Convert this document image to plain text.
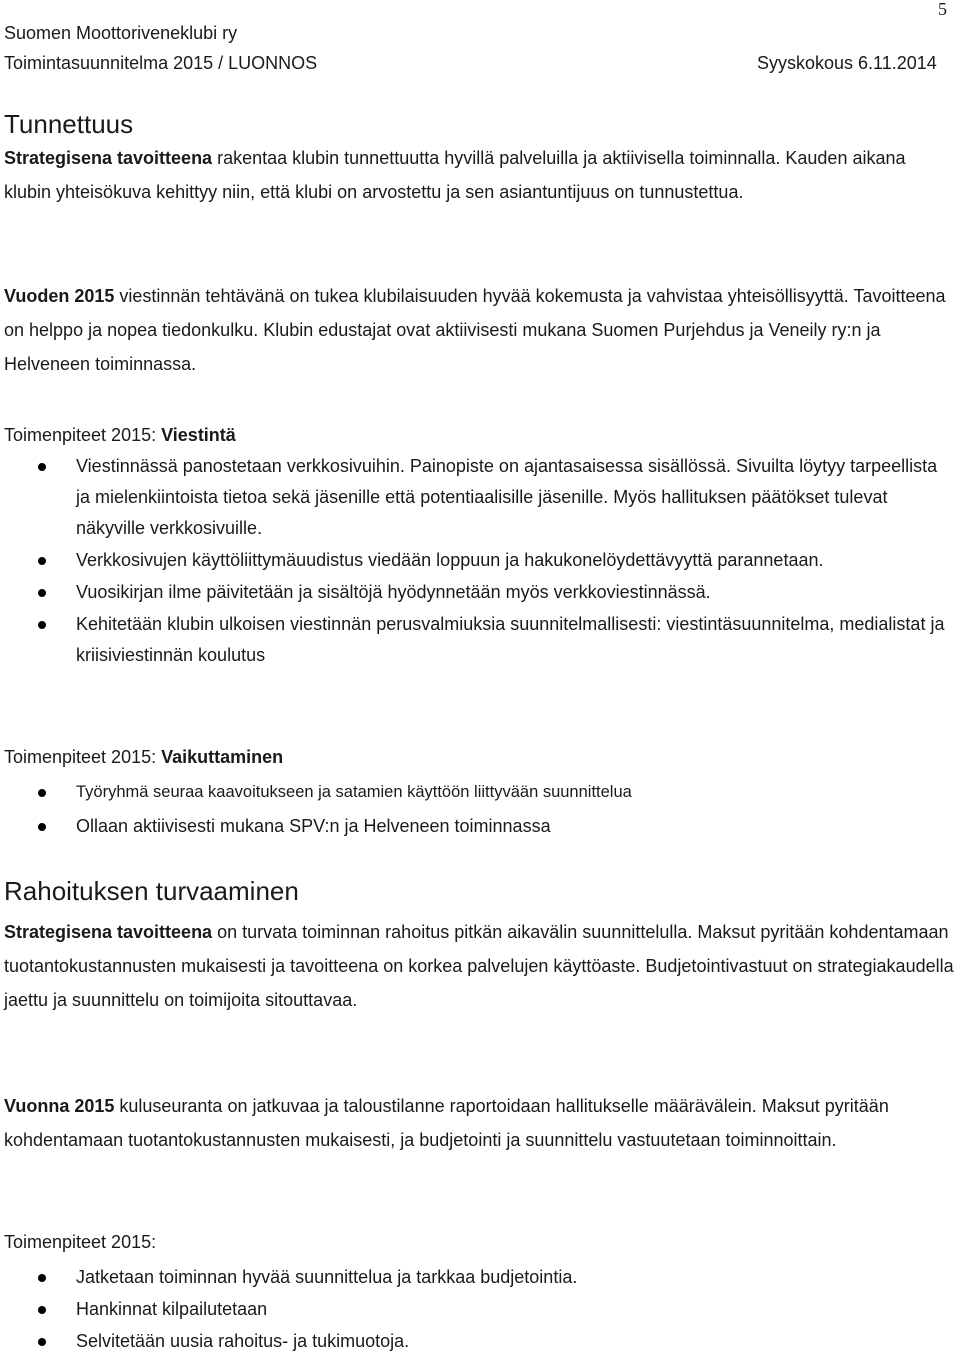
5
Suomen Moottoriveneklubi ry
Toimintasuunnitelma 2015 / LUONNOS	Syyskokous 6.11.2014
Tunnettuus

Strategisena tavoitteena rakentaa klubin tunnettuutta hyvillä palveluilla ja aktiivisella toiminnalla. Kauden aikana klubin yhteisökuva kehittyy niin, että klubi on arvostettu ja sen asiantuntijuus on tunnustettua.

Vuoden 2015 viestinnän tehtävänä on tukea klubilaisuuden hyvää kokemusta ja vahvistaa yhteisöllisyyttä. Tavoitteena on helppo ja nopea tiedonkulku. Klubin edustajat ovat aktiivisesti mukana Suomen Purjehdus ja Veneily ry:n ja Helveneen toiminnassa.

Toimenpiteet 2015: Viestintä
Viestinnässä panostetaan verkkosivuihin. Painopiste on ajantasaisessa sisällössä. Sivuilta löytyy tarpeellista ja mielenkiintoista tietoa sekä jäsenille että potentiaalisille jäsenille. Myös hallituksen päätökset tulevat näkyville verkkosivuille.
Verkkosivujen käyttöliittymäuudistus viedään loppuun ja hakukonelöydettävyyttä parannetaan.
Vuosikirjan ilme päivitetään ja sisältöjä hyödynnetään myös verkkoviestinnässä.
Kehitetään klubin ulkoisen viestinnän perusvalmiuksia suunnitelmallisesti: viestintäsuunnitelma, medialistat ja kriisiviestinnän koulutus
Toimenpiteet 2015: Vaikuttaminen
Työryhmä seuraa kaavoitukseen ja satamien käyttöön liittyvään suunnittelua
Ollaan aktiivisesti mukana SPV:n ja Helveneen toiminnassa
Rahoituksen turvaaminen

Strategisena tavoitteena on turvata toiminnan rahoitus pitkän aikavälin suunnittelulla. Maksut pyritään kohdentamaan tuotantokustannusten mukaisesti ja tavoitteena on korkea palvelujen käyttöaste. Budjetointivastuut on strategiakaudella jaettu ja suunnittelu on toimijoita sitouttavaa.

Vuonna 2015 kuluseuranta on jatkuvaa ja taloustilanne raportoidaan hallitukselle määrävälein. Maksut pyritään kohdentamaan tuotantokustannusten mukaisesti, ja budjetointi ja suunnittelu vastuutetaan toiminnoittain.

Toimenpiteet 2015:
Jatketaan toiminnan hyvää suunnittelua ja tarkkaa budjetointia.
Hankinnat kilpailutetaan
Selvitetään uusia rahoitus- ja tukimuotoja.
